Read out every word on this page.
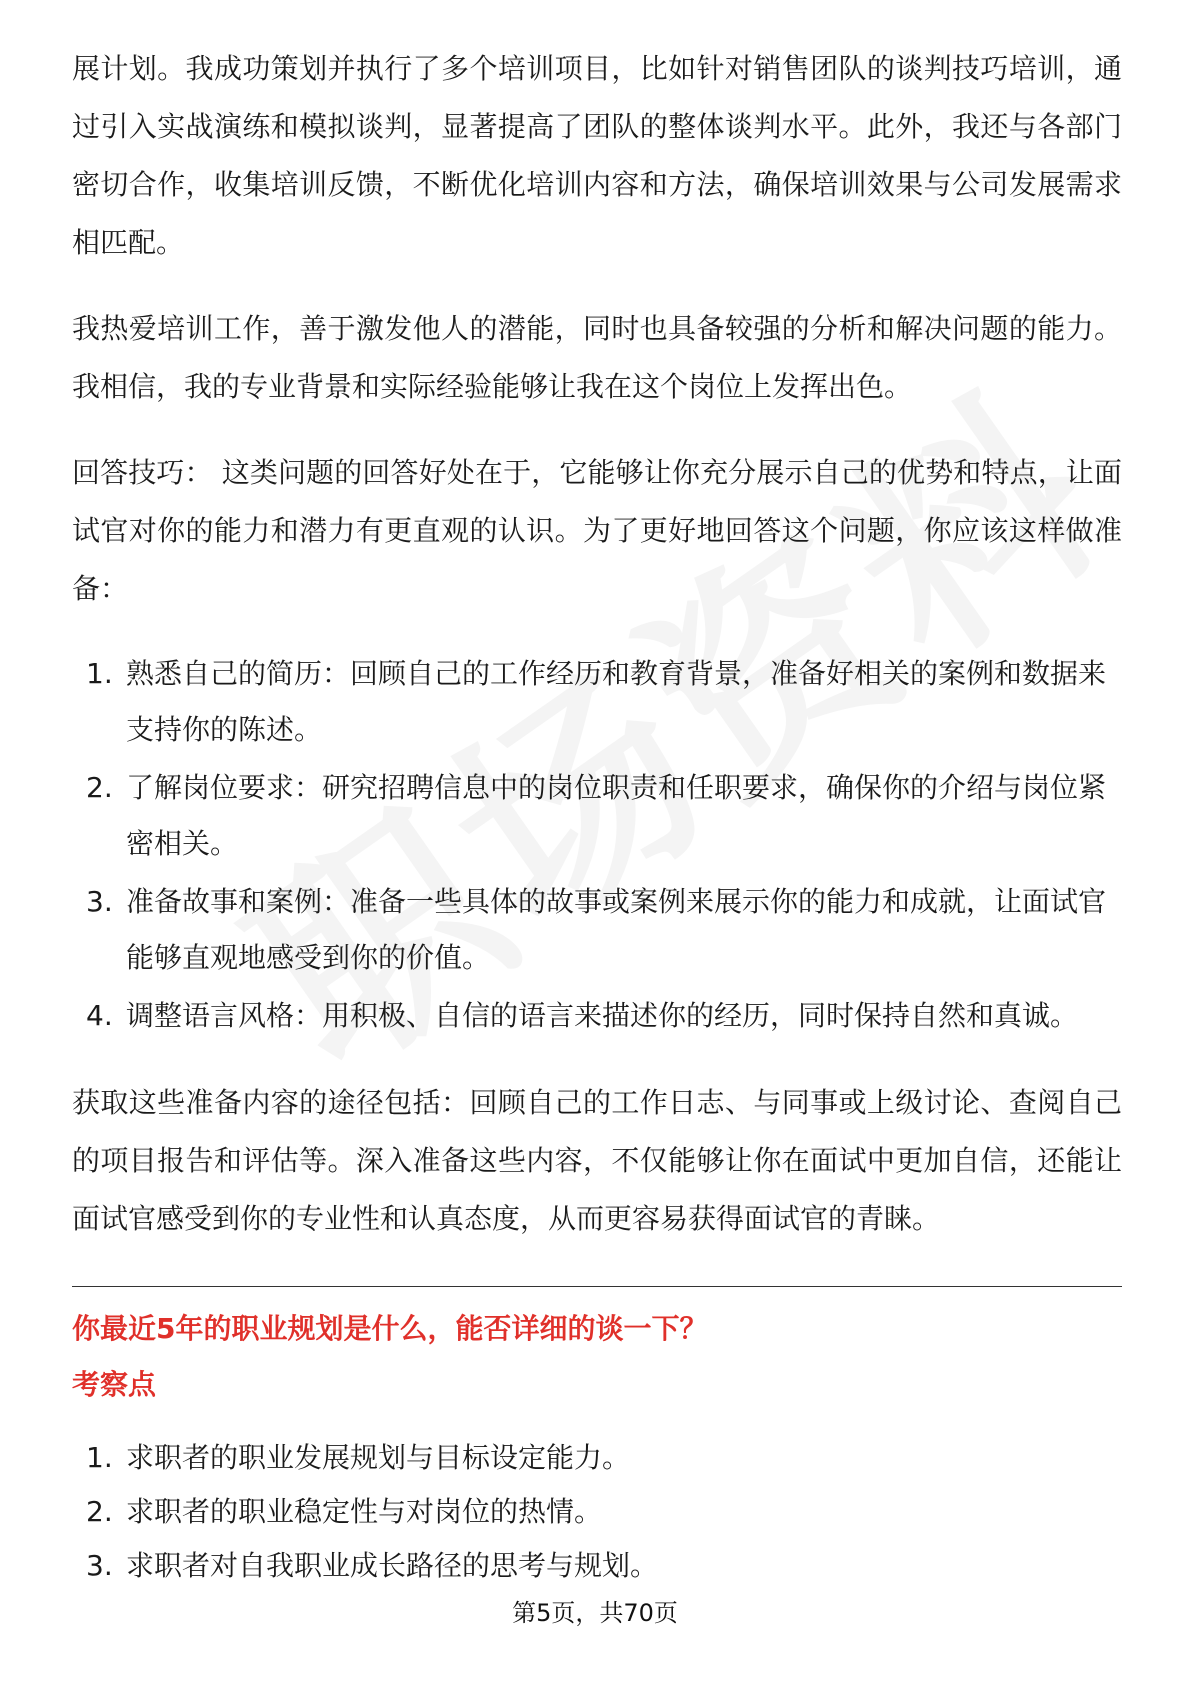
展计划。我成功策划并执行了多个培训项目，比如针对销售团队的谈判技巧培训，通过引入实战演练和模拟谈判，显著提高了团队的整体谈判水平。此外，我还与各部门密切合作，收集培训反馈，不断优化培训内容和方法，确保培训效果与公司发展需求相匹配。

我热爱培训工作，善于激发他人的潜能，同时也具备较强的分析和解决问题的能力。我相信，我的专业背景和实际经验能够让我在这个岗位上发挥出色。

回答技巧： 这类问题的回答好处在于，它能够让你充分展示自己的优势和特点，让面试官对你的能力和潜力有更直观的认识。为了更好地回答这个问题，你应该这样做准备：

1. 熟悉自己的简历：回顾自己的工作经历和教育背景，准备好相关的案例和数据来支持你的陈述。
2. 了解岗位要求：研究招聘信息中的岗位职责和任职要求，确保你的介绍与岗位紧密相关。
3. 准备故事和案例：准备一些具体的故事或案例来展示你的能力和成就，让面试官能够直观地感受到你的价值。
4. 调整语言风格：用积极、自信的语言来描述你的经历，同时保持自然和真诚。

获取这些准备内容的途径包括：回顾自己的工作日志、与同事或上级讨论、查阅自己的项目报告和评估等。深入准备这些内容，不仅能够让你在面试中更加自信，还能让面试官感受到你的专业性和认真态度，从而更容易获得面试官的青睐。

你最近5年的职业规划是什么，能否详细的谈一下？

考察点

1. 求职者的职业发展规划与目标设定能力。
2. 求职者的职业稳定性与对岗位的热情。
3. 求职者对自我职业成长路径的思考与规划。
第5页，共70页
